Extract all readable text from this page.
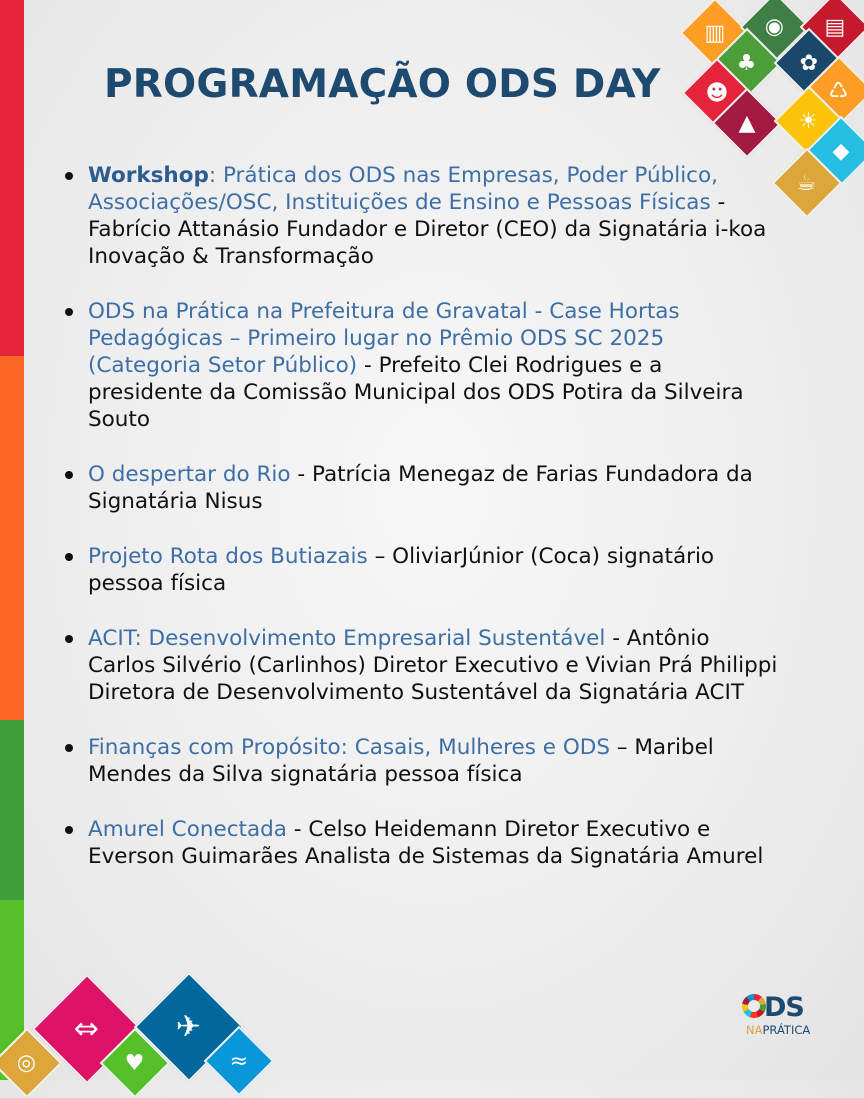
▥ ◉ ▤
♣ ✿
☻	♺
▲ ☀
◆
☕
◎
⇔
♥
✈
≈
PROGRAMAÇÃO ODS DAY
Workshop: Prática dos ODS nas Empresas, Poder Público, Associações/OSC, Instituições de Ensino e Pessoas Físicas - Fabrício Attanásio Fundador e Diretor (CEO) da Signatária i-koa Inovação & Transformação
ODS na Prática na Prefeitura de Gravatal - Case Hortas Pedagógicas – Primeiro lugar no Prêmio ODS SC 2025 (Categoria Setor Público) - Prefeito Clei Rodrigues e a presidente da Comissão Municipal dos ODS Potira da Silveira Souto
O despertar do Rio - Patrícia Menegaz de Farias Fundadora da Signatária Nisus
Projeto Rota dos Butiazais – OliviarJúnior (Coca) signatário pessoa física
ACIT: Desenvolvimento Empresarial Sustentável - Antônio Carlos Silvério (Carlinhos) Diretor Executivo e Vivian Prá Philippi Diretora de Desenvolvimento Sustentável da Signatária ACIT
Finanças com Propósito: Casais, Mulheres e ODS – Maribel Mendes da Silva signatária pessoa física
Amurel Conectada - Celso Heidemann Diretor Executivo e Everson Guimarães Analista de Sistemas da Signatária Amurel
DS
NAPRÁTICA
